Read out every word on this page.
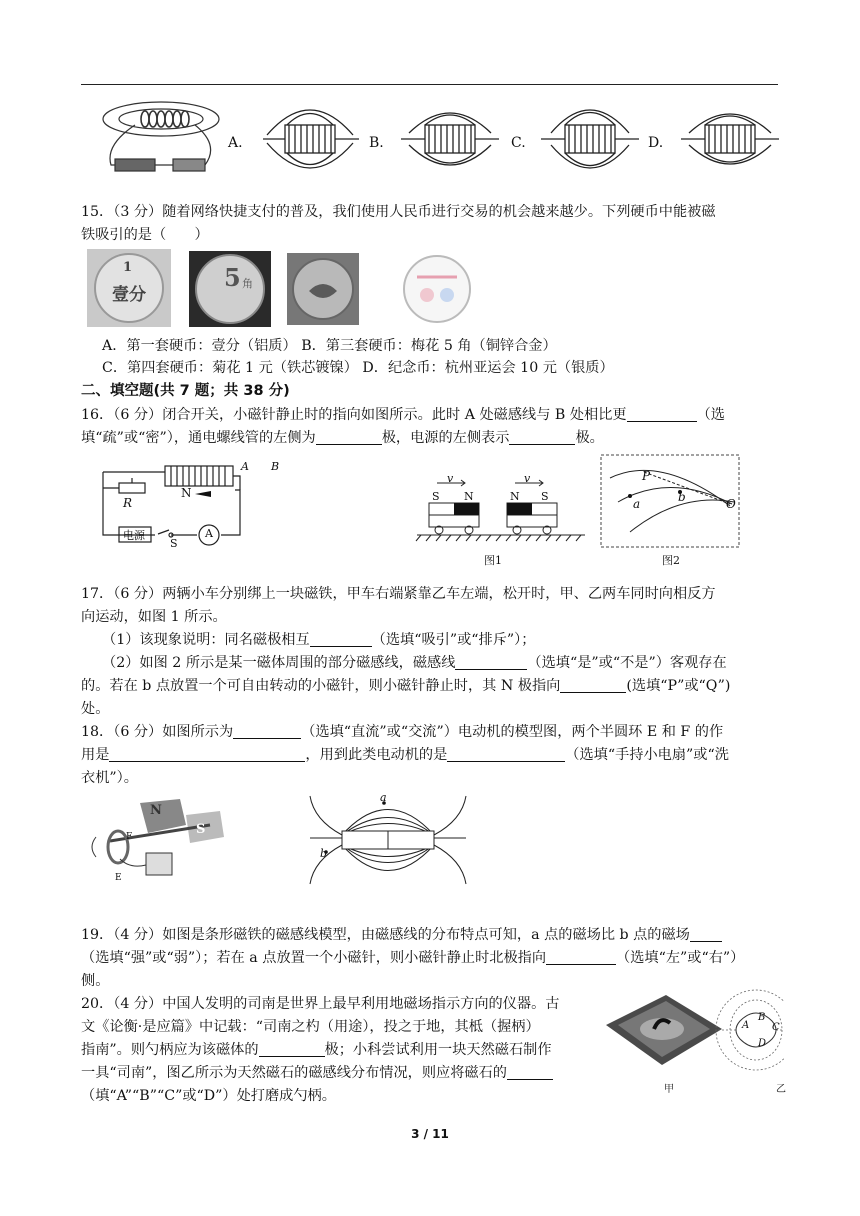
A.	B.	C.	D.
15．（3 分）随着网络快捷支付的普及，我们使用人民币进行交易的机会越来越少。下列硬币中能被磁
铁吸引的是（　　）
1
壹分
5 角
A．第一套硬币：壹分（铝质） B．第三套硬币：梅花 5 角（铜锌合金）
C．第四套硬币：菊花 1 元（铁芯镀镍） D．纪念币：杭州亚运会 10 元（银质）
二、填空题(共 7 题；共 38 分)
16．（6 分）闭合开关，小磁针静止时的指向如图所示。此时 A 处磁感线与 B 处相比更	（选
填“疏”或“密”），通电螺线管的左侧为	极，电源的左侧表示	极。
A B
N
R
电源
S
A
v	v
S N	N S
图1
P
a	b	O
图2
17．（6 分）两辆小车分别绑上一块磁铁，甲车右端紧靠乙车左端，松开时，甲、乙两车同时向相反方
向运动，如图 1 所示。
（1）该现象说明：同名磁极相互	（选填“吸引”或“排斥”）；
（2）如图 2 所示是某一磁体周围的部分磁感线，磁感线	（选填“是”或“不是”）客观存在
的。若在 b 点放置一个可自由转动的小磁针，则小磁针静止时，其 N 极指向	(选填“P”或“Q”)
处。
18．（6 分）如图所示为	（选填“直流”或“交流”）电动机的模型图，两个半圆环 E 和 F 的作
用是	，用到此类电动机的是	（选填“手持小电扇”或“洗
衣机”）。
N
S
F
E
a
b
19．（4 分）如图是条形磁铁的磁感线模型，由磁感线的分布特点可知，a 点的磁场比 b 点的磁场
（选填“强”或“弱”）；若在 a 点放置一个小磁针，则小磁针静止时北极指向	（选填“左”或“右”）
侧。
20．（4 分）中国人发明的司南是世界上最早利用地磁场指示方向的仪器。古
文《论衡·是应篇》中记载：“司南之杓（用途），投之于地，其柢（握柄）
指南”。则勺柄应为该磁体的	极；小科尝试利用一块天然磁石制作
一具“司南”，图乙所示为天然磁石的磁感线分布情况，则应将磁石的
（填“A”“B”“C”或“D”）处打磨成勺柄。
A
B
C
D
甲	乙
3 / 11
